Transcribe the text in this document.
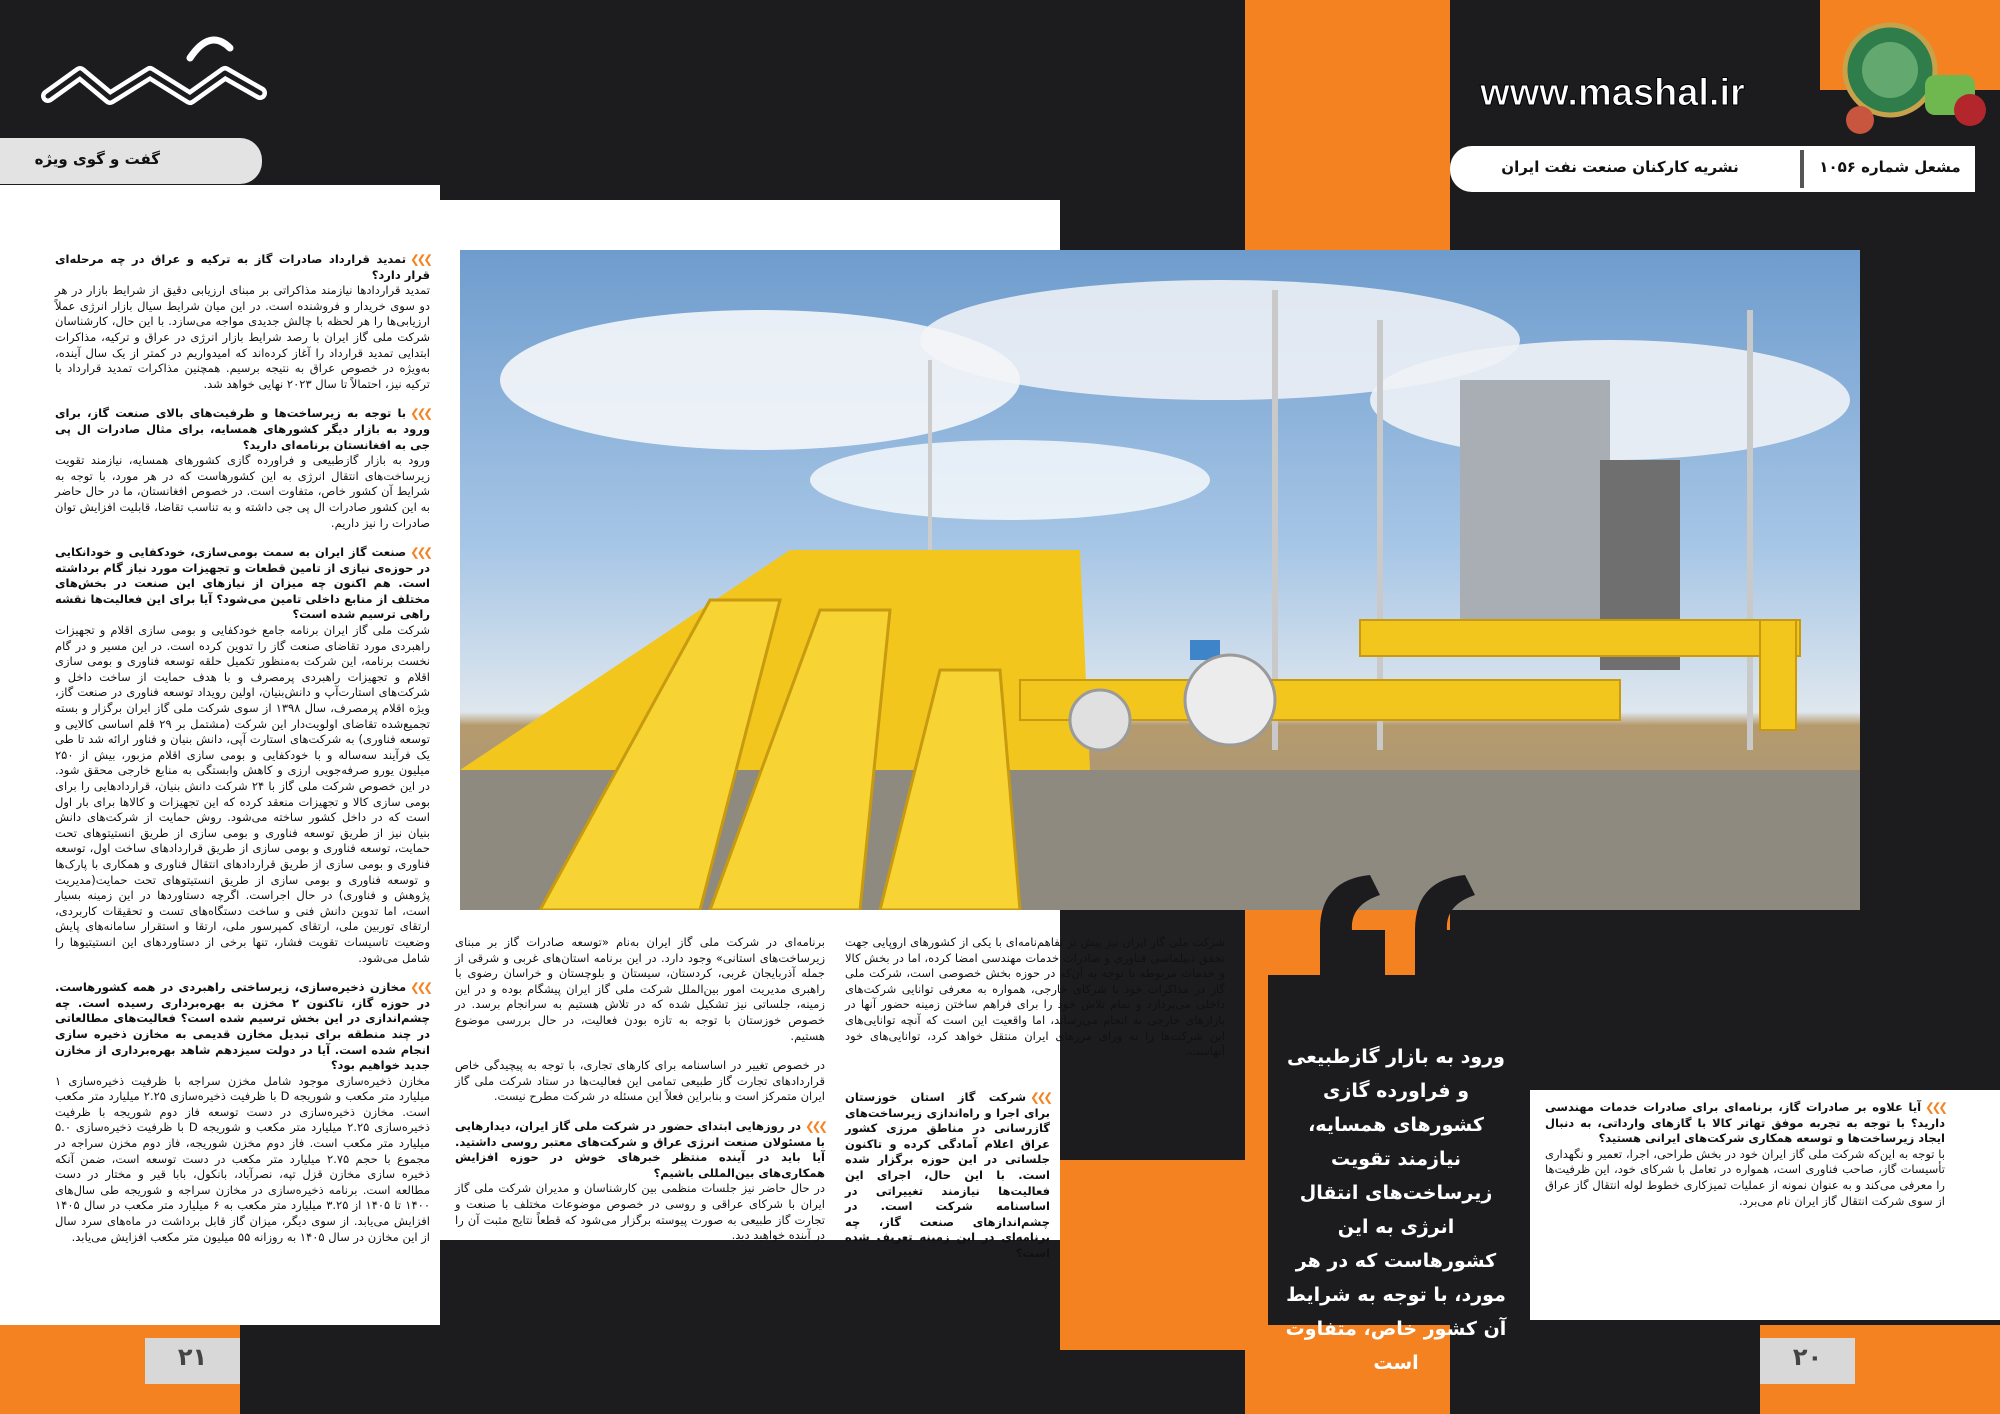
۲۱	۲۰
گفت و گوی ویژه
www.mashal.ir
نشریه کارکنان صنعت نفت ایران	مشعل شماره ۱۰۵۶
❯❯❯تمدید قرارداد صادرات گاز به ترکیه و عراق در چه مرحله‌ای قرار دارد؟
تمدید قراردادها نیازمند مذاکراتی بر مبنای ارزیابی دقیق از شرایط بازار در هر دو سوی خریدار و فروشنده است. در این میان شرایط سیال بازار انرژی عملاً ارزیابی‌ها را هر لحظه با چالش جدیدی مواجه می‌سازد. با این حال، کارشناسان شرکت ملی گاز ایران با رصد شرایط بازار انرژی در عراق و ترکیه، مذاکرات ابتدایی تمدید قرارداد را آغاز کرده‌اند که امیدواریم در کمتر از یک سال آینده، به‌ویژه در خصوص عراق به نتیجه برسیم. همچنین مذاکرات تمدید قرارداد با ترکیه نیز، احتمالاً تا سال ۲۰۲۳ نهایی خواهد شد.
❯❯❯با توجه به زیرساخت‌ها و ظرفیت‌های بالای صنعت گاز، برای ورود به بازار دیگر کشورهای همسایه، برای مثال صادرات ال پی جی به افغانستان برنامه‌ای دارید؟
ورود به بازار گازطبیعی و فراورده گازی کشورهای همسایه، نیازمند تقویت زیرساخت‌های انتقال انرژی به این کشورهاست که در هر مورد، با توجه به شرایط آن کشور خاص، متفاوت است. در خصوص افغانستان، ما در حال حاضر به این کشور صادرات ال پی جی داشته و به تناسب تقاضا، قابلیت افزایش توان صادرات را نیز داریم.
❯❯❯صنعت گاز ایران به سمت بومی‌سازی، خودکفایی و خودانکایی در حوزه‌ی نیازی از تامین قطعات و تجهیزات مورد نیاز گام برداشته است. هم اکنون چه میزان از نیازهای این صنعت در بخش‌های مختلف از منابع داخلی تامین می‌شود؟ آیا برای این فعالیت‌ها نقشه راهی ترسیم شده است؟
شرکت ملی گاز ایران برنامه جامع خودکفایی و بومی سازی اقلام و تجهیزات راهبردی مورد تقاضای صنعت گاز را تدوین کرده است. در این مسیر و در گام نخست برنامه، این شرکت به‌منظور تکمیل حلقه توسعه فناوری و بومی سازی اقلام و تجهیزات راهبردی پرمصرف و با هدف حمایت از ساخت داخل و شرکت‌های استارت‌آپ و دانش‌بنیان، اولین رویداد توسعه فناوری در صنعت گاز، ویژه اقلام پرمصرف، سال ۱۳۹۸ از سوی شرکت ملی گاز ایران برگزار و بسته تجمیع‌شده تقاضای اولویت‌دار این شرکت (مشتمل بر ۲۹ قلم اساسی کالایی و توسعه فناوری) به شرکت‌های استارت آپی، دانش بنیان و فناور ارائه شد تا طی یک فرآیند سه‌ساله و با خودکفایی و بومی سازی اقلام مزبور، بیش از ۲۵۰ میلیون یورو صرفه‌جویی ارزی و کاهش وابستگی به منابع خارجی محقق شود. در این خصوص شرکت ملی گاز با ۲۴ شرکت دانش بنیان، قراردادهایی را برای بومی سازی کالا و تجهیزات منعقد کرده که این تجهیزات و کالاها برای بار اول است که در داخل کشور ساخته می‌شود. روش حمایت از شرکت‌های دانش بنیان نیز از طریق توسعه فناوری و بومی سازی از طریق انستیتوهای تحت حمایت، توسعه فناوری و بومی سازی از طریق قراردادهای ساخت اول، توسعه فناوری و بومی سازی از طریق قراردادهای انتقال فناوری و همکاری با پارک‌ها و توسعه فناوری و بومی سازی از طریق انستیتوهای تحت حمایت(مدیریت پژوهش و فناوری) در حال اجراست. اگرچه دستاوردها در این زمینه بسیار است، اما تدوین دانش فنی و ساخت دستگاه‌های تست و تحقیقات کاربردی، ارتقای توربین ملی، ارتقای کمپرسور ملی، ارتقا و استقرار سامانه‌های پایش وضعیت تاسیسات تقویت فشار، تنها برخی از دستاوردهای این انستیتیوها را شامل می‌شود.
❯❯❯مخازن ذخیره‌سازی، زیرساختی راهبردی در همه کشورهاست. در حوزه گاز، تاکنون ۲ مخزن به بهره‌برداری رسیده است. چه چشم‌اندازی در این بخش ترسیم شده است؟ فعالیت‌های مطالعاتی در چند منطقه برای تبدیل مخازن قدیمی به مخازن ذخیره سازی انجام شده است. آیا در دولت سیزدهم شاهد بهره‌برداری از مخازن جدید خواهیم بود؟
مخازن ذخیره‌سازی موجود شامل مخزن سراجه با ظرفیت ذخیره‌سازی ۱ میلیارد متر مکعب و شوریجه D با ظرفیت ذخیره‌سازی ۲.۲۵ میلیارد متر مکعب است. مخازن ذخیره‌سازی در دست توسعه فاز دوم شوریجه با ظرفیت ذخیره‌سازی ۲.۲۵ میلیارد متر مکعب و شوریجه D با ظرفیت ذخیره‌سازی ۵.۰ میلیارد متر مکعب است. فاز دوم مخزن شوریجه، فاز دوم مخزن سراجه در مجموع با حجم ۲.۷۵ میلیارد متر مکعب در دست توسعه است، ضمن آنکه ذخیره سازی مخازن قزل تپه، نصرآباد، بانکول، بابا قیر و مختار در دست مطالعه است. برنامه ذخیره‌سازی در مخازن سراجه و شوریجه طی سال‌های ۱۴۰۰ تا ۱۴۰۵ از ۳.۲۵ میلیارد متر مکعب به ۶ میلیارد متر مکعب در سال ۱۴۰۵ افزایش می‌یابد. از سوی دیگر، میزان گاز قابل برداشت در ماه‌های سرد سال از این مخازن در سال ۱۴۰۵ به روزانه ۵۵ میلیون متر مکعب افزایش می‌یابد.
برنامه‌ای در شرکت ملی گاز ایران به‌نام «توسعه صادرات گاز بر مبنای زیرساخت‌های استانی» وجود دارد. در این برنامه استان‌های غربی و شرقی از جمله آذربایجان غربی، کردستان، سیستان و بلوچستان و خراسان رضوی با راهبری مدیریت امور بین‌الملل شرکت ملی گاز ایران پیشگام بوده و در این زمینه، جلساتی نیز تشکیل شده که در تلاش هستیم به سرانجام برسد. در خصوص خوزستان با توجه به تازه بودن فعالیت، در حال بررسی موضوع هستیم.
در خصوص تغییر در اساسنامه برای کارهای تجاری، با توجه به پیچیدگی خاص قراردادهای تجارت گاز طبیعی تمامی این فعالیت‌ها در ستاد شرکت ملی گاز ایران متمرکز است و بنابراین فعلاً این مسئله در شرکت مطرح نیست.
❯❯❯در روزهایی ابتدای حضور در شرکت ملی گاز ایران، دیدارهایی با مسئولان صنعت انرژی عراق و شرکت‌های معتبر روسی داشتید. آیا باید در آینده منتظر خبرهای خوش در حوزه افزایش همکاری‌های بین‌المللی باشیم؟
در حال حاضر نیز جلسات منظمی بین کارشناسان و مدیران شرکت ملی گاز ایران با شرکای عراقی و روسی در خصوص موضوعات مختلف با صنعت و تجارت گاز طبیعی به صورت پیوسته برگزار می‌شود که قطعاً نتایج مثبت آن را در آینده خواهید دید.
شرکت ملی گاز ایران نیز پیش تر تفاهم‌نامه‌ای با یکی از کشورهای اروپایی جهت تحقق دیپلماسی فناوری و صادرات خدمات مهندسی امضا کرده، اما در بخش کالا و خدمات مربوطه با توجه به آن‌که در حوزه بخش خصوصی است، شرکت ملی گاز در مذاکرات خود با شرکای خارجی، همواره به معرفی توانایی شرکت‌های داخلی می‌پردازد و تمام تلاش خود را برای فراهم ساختن زمینه حضور آنها در بازارهای خارجی به انجام می‌رساند، اما واقعیت این است که آنچه توانایی‌های این شرکت‌ها را به ورای مرزهای ایران منتقل خواهد کرد، توانایی‌های خود آنهاست.
❯❯❯شرکت گاز استان خوزستان برای اجرا و راه‌اندازی زیرساخت‌های گازرسانی در مناطق مرزی کشور عراق اعلام آمادگی کرده و تاکنون جلساتی در این حوزه برگزار شده است. با این حال، اجرای این فعالیت‌ها نیازمند تغییراتی در اساسنامه شرکت است. در چشم‌اندازهای صنعت گاز، چه برنامه‌ای در این زمینه تعریف شده است؟
ورود به بازار گازطبیعی و فراورده گازی کشورهای همسایه، نیازمند تقویت زیرساخت‌های انتقال انرژی به این کشورهاست که در هر مورد، با توجه به شرایط آن کشور خاص، متفاوت است
❯❯❯آیا علاوه بر صادرات گاز، برنامه‌ای برای صادرات خدمات مهندسی دارید؟ با توجه به تجربه موفق تهاتر کالا با گازهای وارداتی، به دنبال ایجاد زیرساخت‌ها و توسعه همکاری شرکت‌های ایرانی هستید؟
با توجه به این‌که شرکت ملی گاز ایران خود در بخش طراحی، اجرا، تعمیر و نگهداری تأسیسات گاز، صاحب فناوری است، همواره در تعامل با شرکای خود، این ظرفیت‌ها را معرفی می‌کند و به عنوان نمونه از عملیات تمیزکاری خطوط لوله انتقال گاز عراق از سوی شرکت انتقال گاز ایران نام می‌برد.
